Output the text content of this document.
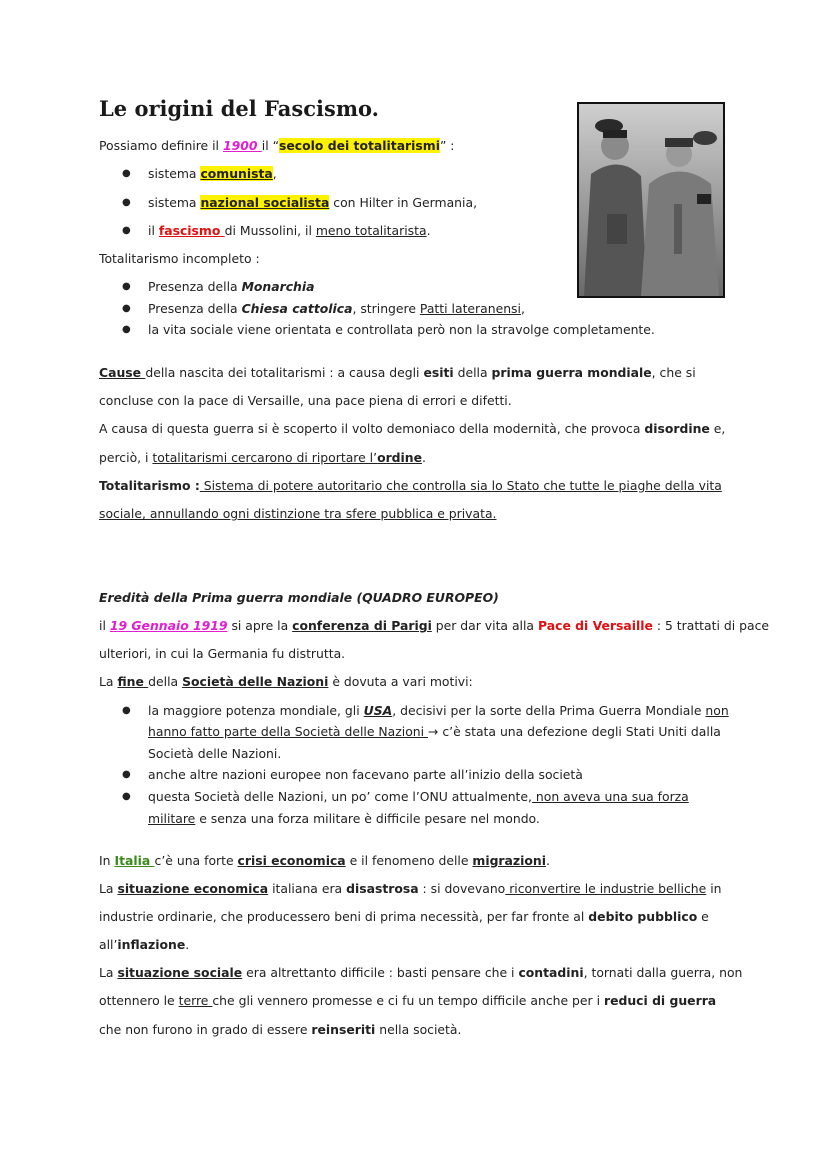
Le origini del Fascismo.
Possiamo definire il 1900 il “secolo dei totalitarismi” :
● sistema comunista,
● sistema nazional socialista con Hilter in Germania,
● il fascismo di Mussolini, il meno totalitarista.
Totalitarismo incompleto :
● Presenza della Monarchia
● Presenza della Chiesa cattolica, stringere Patti lateranensi,
● la vita sociale viene orientata e controllata però non la stravolge completamente.
Cause della nascita dei totalitarismi : a causa degli esiti della prima guerra mondiale, che si
concluse con la pace di Versaille, una pace piena di errori e difetti.
A causa di questa guerra si è scoperto il volto demoniaco della modernità, che provoca disordine e,
perciò, i totalitarismi cercarono di riportare l’ordine.
Totalitarismo : Sistema di potere autoritario che controlla sia lo Stato che tutte le piaghe della vita
sociale, annullando ogni distinzione tra sfere pubblica e privata.
Eredità della Prima guerra mondiale (QUADRO EUROPEO)
il 19 Gennaio 1919 si apre la conferenza di Parigi per dar vita alla Pace di Versaille : 5 trattati di pace
ulteriori, in cui la Germania fu distrutta.
La fine della Società delle Nazioni è dovuta a vari motivi:
● la maggiore potenza mondiale, gli USA, decisivi per la sorte della Prima Guerra Mondiale non
hanno fatto parte della Società delle Nazioni → c’è stata una defezione degli Stati Uniti dalla
Società delle Nazioni.
● anche altre nazioni europee non facevano parte all’inizio della società
● questa Società delle Nazioni, un po’ come l’ONU attualmente, non aveva una sua forza
militare e senza una forza militare è difficile pesare nel mondo.
In Italia c’è una forte crisi economica e il fenomeno delle migrazioni.
La situazione economica italiana era disastrosa : si dovevano riconvertire le industrie belliche in
industrie ordinarie, che producessero beni di prima necessità, per far fronte al debito pubblico e
all’inflazione.
La situazione sociale era altrettanto difficile : basti pensare che i contadini, tornati dalla guerra, non
ottennero le terre che gli vennero promesse e ci fu un tempo difficile anche per i reduci di guerra
che non furono in grado di essere reinseriti nella società.
